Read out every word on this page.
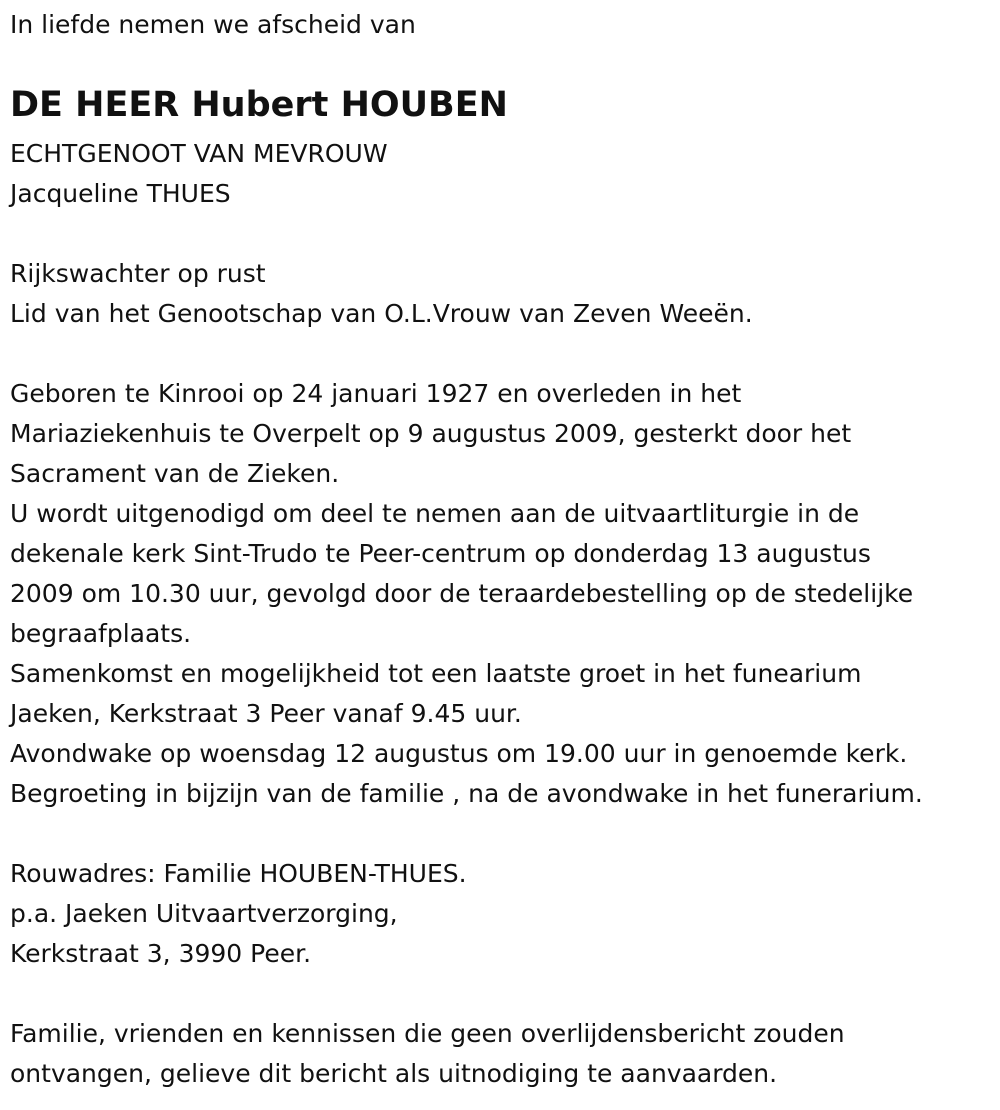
In liefde nemen we afscheid van

DE HEER Hubert HOUBEN

ECHTGENOOT VAN MEVROUW

Jacqueline THUES

Rijkswachter op rust

Lid van het Genootschap van O.L.Vrouw van Zeven Weeën.

Geboren te Kinrooi op 24 januari 1927 en overleden in het

Mariaziekenhuis te Overpelt op 9 augustus 2009, gesterkt door het

Sacrament van de Zieken.

U wordt uitgenodigd om deel te nemen aan de uitvaartliturgie in de

dekenale kerk Sint-Trudo te Peer-centrum op donderdag 13 augustus

2009 om 10.30 uur, gevolgd door de teraardebestelling op de stedelijke

begraafplaats.

Samenkomst en mogelijkheid tot een laatste groet in het funearium

Jaeken, Kerkstraat 3 Peer vanaf 9.45 uur.

Avondwake op woensdag 12 augustus om 19.00 uur in genoemde kerk.

Begroeting in bijzijn van de familie , na de avondwake in het funerarium.

Rouwadres: Familie HOUBEN-THUES.

p.a. Jaeken Uitvaartverzorging,

Kerkstraat 3, 3990 Peer.

Familie, vrienden en kennissen die geen overlijdensbericht zouden

ontvangen, gelieve dit bericht als uitnodiging te aanvaarden.
